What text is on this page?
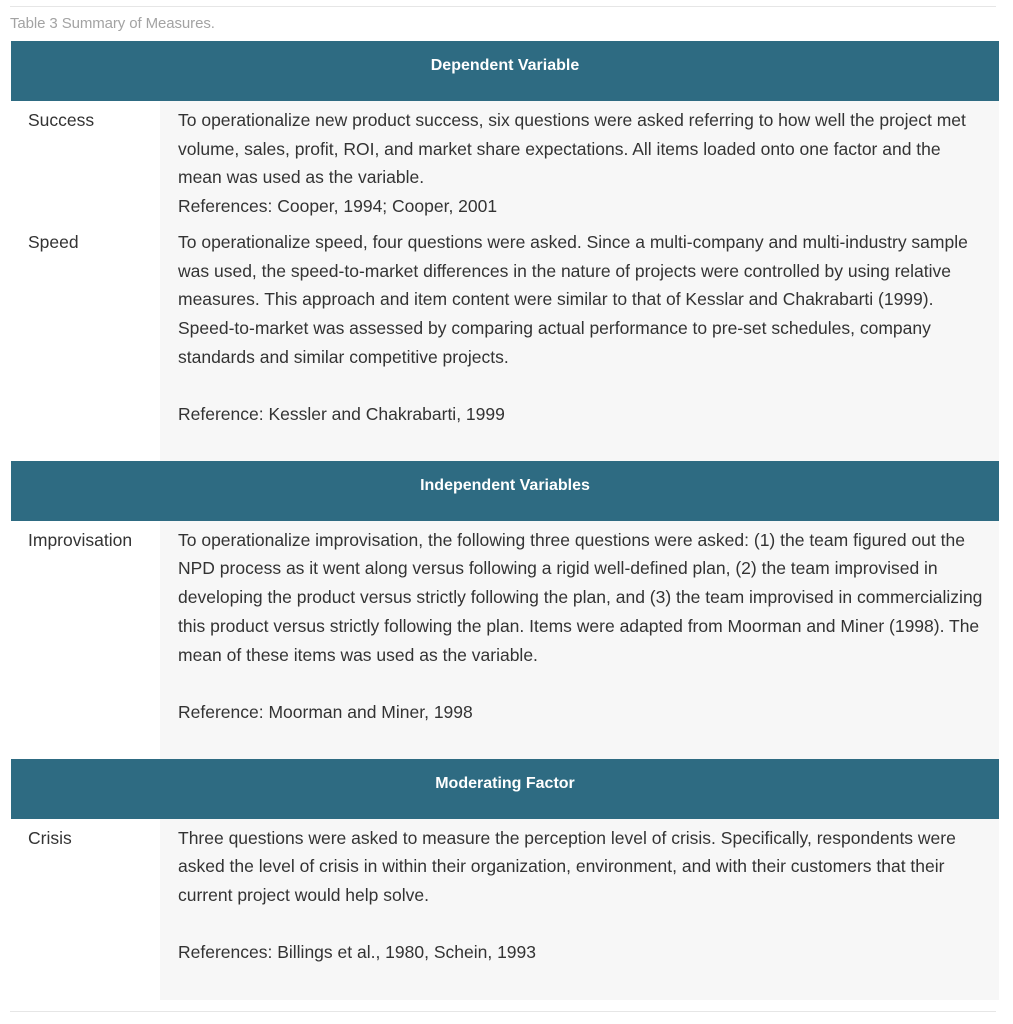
Table 3 Summary of Measures.
Dependent Variable
Success	To operationalize new product success, six questions were asked referring to how well the project met volume, sales, profit, ROI, and market share expectations. All items loaded onto one factor and the mean was used as the variable.

References: Cooper, 1994; Cooper, 2001

Speed	To operationalize speed, four questions were asked. Since a multi-company and multi-industry sample was used, the speed-to-market differences in the nature of projects were controlled by using relative measures. This approach and item content were similar to that of Kesslar and Chakrabarti (1999). Speed-to-market was assessed by comparing actual performance to pre-set schedules, company standards and similar competitive projects.

Reference: Kessler and Chakrabarti, 1999

Independent Variables
Improvisation	To operationalize improvisation, the following three questions were asked: (1) the team figured out the NPD process as it went along versus following a rigid well-defined plan, (2) the team improvised in developing the product versus strictly following the plan, and (3) the team improvised in commercializing this product versus strictly following the plan. Items were adapted from Moorman and Miner (1998). The mean of these items was used as the variable.

Reference: Moorman and Miner, 1998

Moderating Factor
Crisis	Three questions were asked to measure the perception level of crisis. Specifically, respondents were asked the level of crisis in within their organization, environment, and with their customers that their current project would help solve.

References: Billings et al., 1980, Schein, 1993
